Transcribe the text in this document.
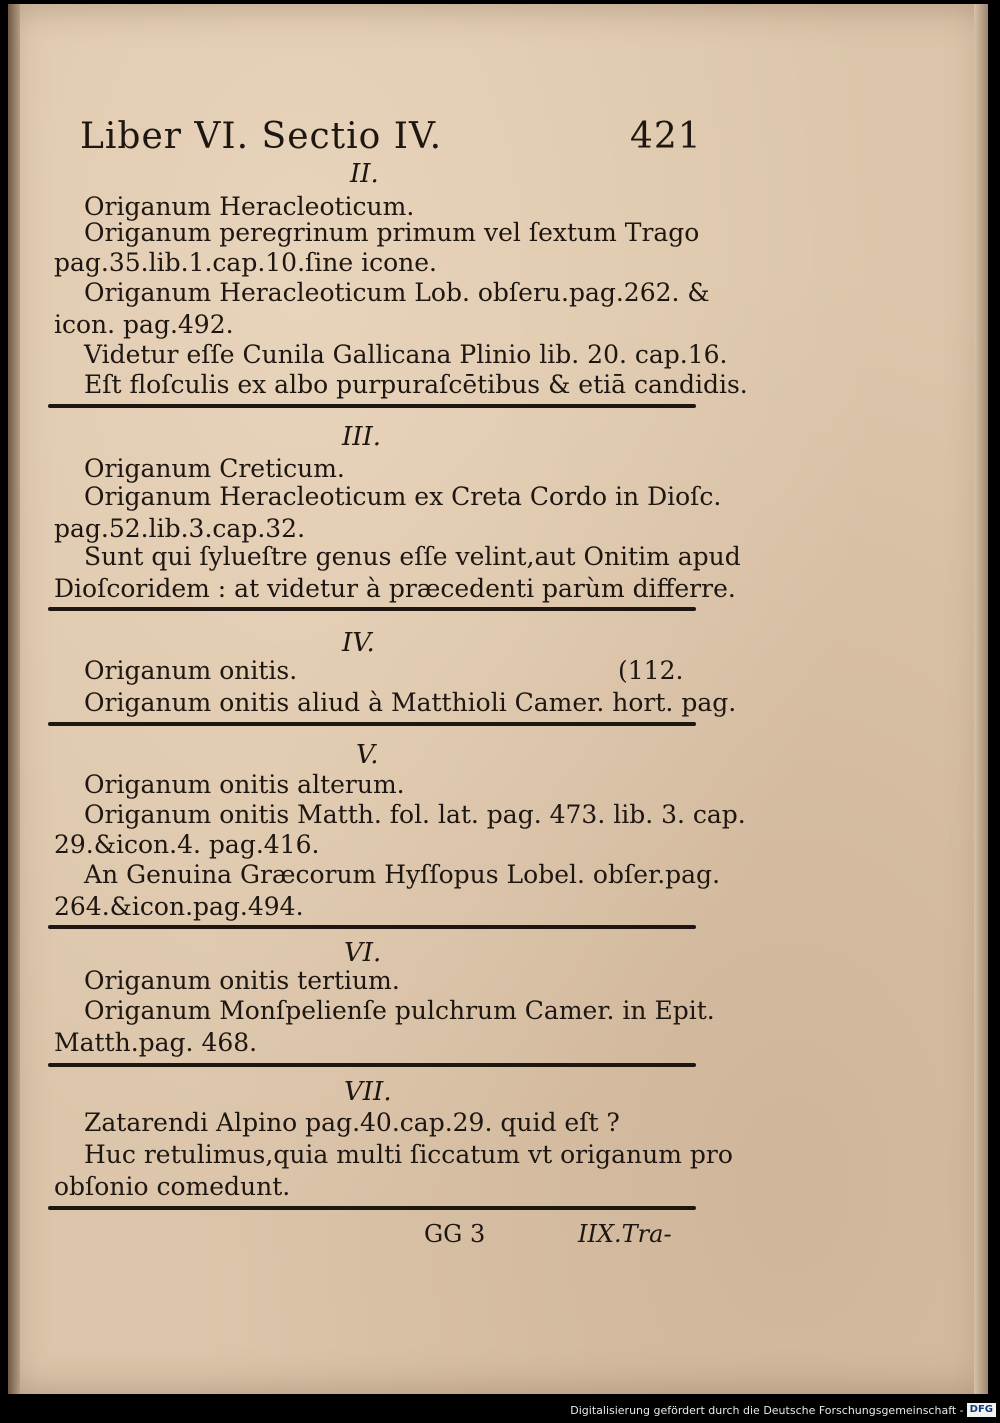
Liber VI. Sectio IV.	421
II.
Origanum Heracleoticum.
Origanum peregrinum primum vel ſextum Trago
pag.35.lib.1.cap.10.ſine icone.
Origanum Heracleoticum Lob. obſeru.pag.262. &
icon. pag.492.
Videtur eſſe Cunila Gallicana Plinio lib. 20. cap.16.
Eſt floſculis ex albo purpuraſcētibus & etiā candidis.
III.
Origanum Creticum.
Origanum Heracleoticum ex Creta Cordo in Dioſc.
pag.52.lib.3.cap.32.
Sunt qui ſylueſtre genus eſſe velint,aut Onitim apud
Dioſcoridem : at videtur à præcedenti parùm differre.
IV.
Origanum onitis.	(112.
Origanum onitis aliud à Matthioli Camer. hort. pag.
V.
Origanum onitis alterum.
Origanum onitis Matth. fol. lat. pag. 473. lib. 3. cap.
29.&icon.4. pag.416.
An Genuina Græcorum Hyſſopus Lobel. obſer.pag.
264.&icon.pag.494.
VI.
Origanum onitis tertium.
Origanum Monſpelienſe pulchrum Camer. in Epit.
Matth.pag. 468.
VII.
Zatarendi Alpino pag.40.cap.29. quid eſt ?
Huc retulimus,quia multi ſiccatum vt origanum pro
obſonio comedunt.
GG 3	IIX.Tra-
Digitalisierung gefördert durch die Deutsche Forschungsgemeinschaft - DFG
